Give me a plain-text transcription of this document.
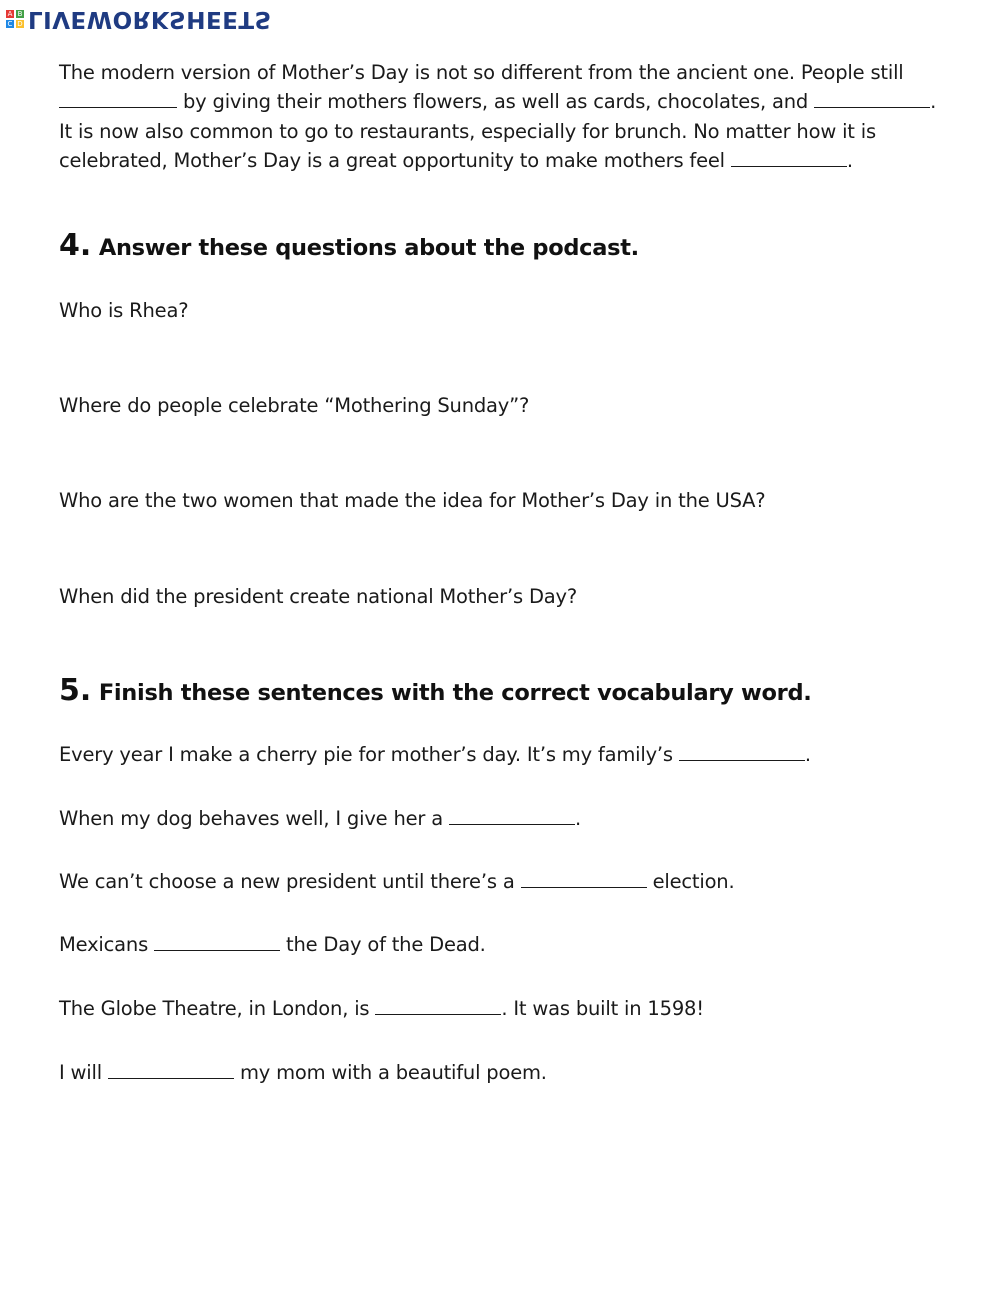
A B
C D LIVEWORKSHEETS
The modern version of Mother’s Day is not so different from the ancient one. People still  by giving their mothers flowers, as well as cards, chocolates, and	. It is now also common to go to restaurants, especially for brunch. No matter how it is celebrated, Mother’s Day is a great opportunity to make mothers feel	.
4. Answer these questions about the podcast.
Who is Rhea?
Where do people celebrate “Mothering Sunday”?
Who are the two women that made the idea for Mother’s Day in the USA?
When did the president create national Mother’s Day?
5. Finish these sentences with the correct vocabulary word.
Every year I make a cherry pie for mother’s day. It’s my family’s	.
When my dog behaves well, I give her a	.
We can’t choose a new president until there’s a	election.
Mexicans	the Day of the Dead.
The Globe Theatre, in London, is	. It was built in 1598!
I will	my mom with a beautiful poem.
